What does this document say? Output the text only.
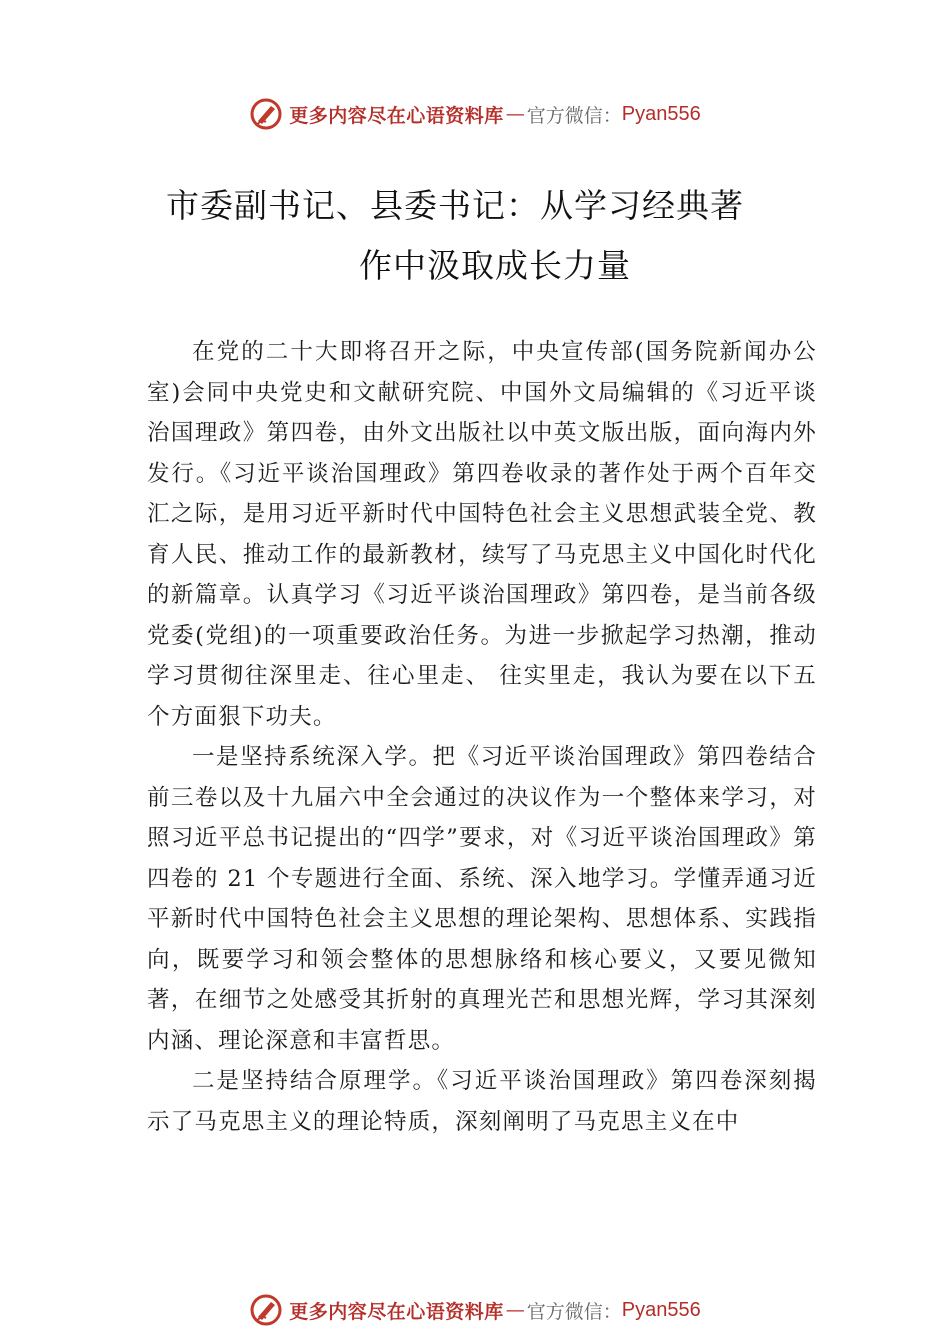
更多内容尽在心语资料库 — 官方微信： Pyan556
市委副书记、县委书记：从学习经典著
作中汲取成长力量

在党的二十大即将召开之际，中央宣传部(国务院新闻办公室)会同中央党史和文献研究院、中国外文局编辑的《习近平谈治国理政》第四卷，由外文出版社以中英文版出版，面向海内外发行。《习近平谈治国理政》第四卷收录的著作处于两个百年交汇之际，是用习近平新时代中国特色社会主义思想武装全党、教育人民、推动工作的最新教材，续写了马克思主义中国化时代化的新篇章。认真学习《习近平谈治国理政》第四卷，是当前各级党委(党组)的一项重要政治任务。为进一步掀起学习热潮，推动学习贯彻往深里走、往心里走、 往实里走，我认为要在以下五个方面狠下功夫。

一是坚持系统深入学。把《习近平谈治国理政》第四卷结合前三卷以及十九届六中全会通过的决议作为一个整体来学习，对照习近平总书记提出的“四学”要求，对《习近平谈治国理政》第四卷的 21 个专题进行全面、系统、深入地学习。学懂弄通习近平新时代中国特色社会主义思想的理论架构、思想体系、实践指向，既要学习和领会整体的思想脉络和核心要义，又要见微知著，在细节之处感受其折射的真理光芒和思想光辉，学习其深刻内涵、理论深意和丰富哲思。

二是坚持结合原理学。《习近平谈治国理政》第四卷深刻揭示了马克思主义的理论特质，深刻阐明了马克思主义在中

更多内容尽在心语资料库 — 官方微信： Pyan556
